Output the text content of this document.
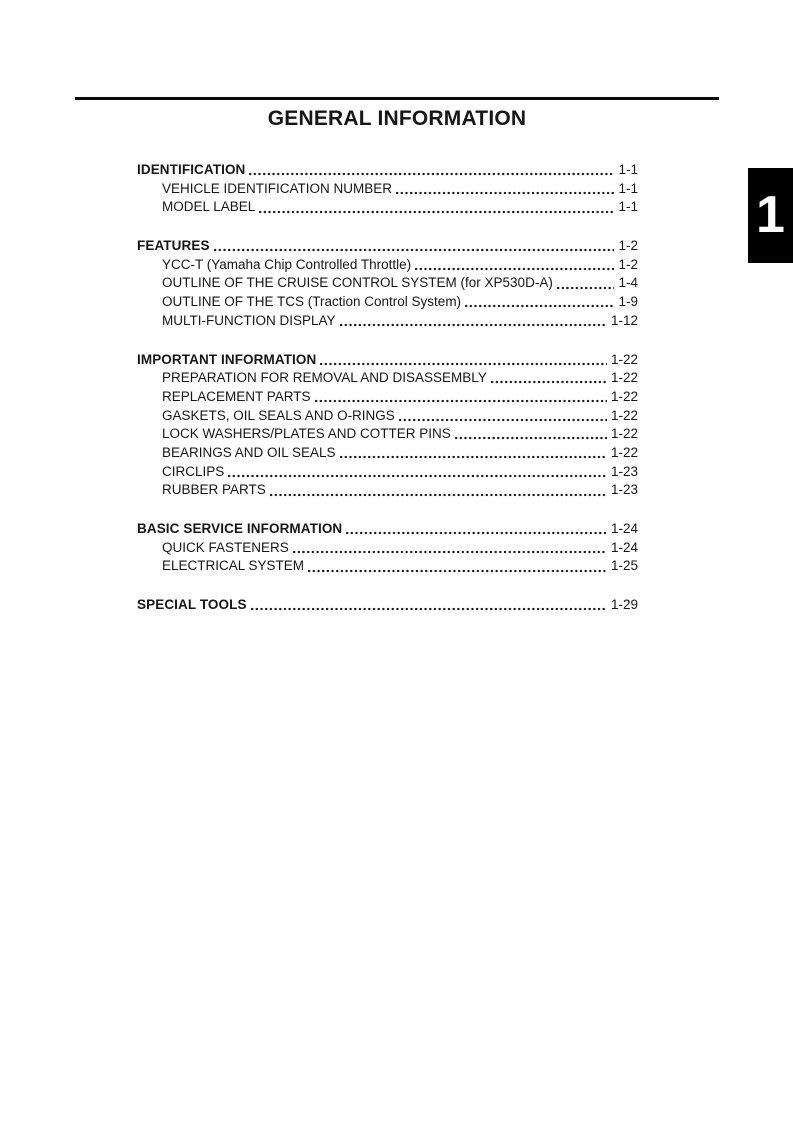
GENERAL INFORMATION
1
IDENTIFICATION	1-1
VEHICLE IDENTIFICATION NUMBER	1-1
MODEL LABEL	1-1
FEATURES	1-2
YCC-T (Yamaha Chip Controlled Throttle)	1-2
OUTLINE OF THE CRUISE CONTROL SYSTEM (for XP530D-A)	1-4
OUTLINE OF THE TCS (Traction Control System)	1-9
MULTI-FUNCTION DISPLAY	1-12
IMPORTANT INFORMATION	1-22
PREPARATION FOR REMOVAL AND DISASSEMBLY	1-22
REPLACEMENT PARTS	1-22
GASKETS, OIL SEALS AND O-RINGS	1-22
LOCK WASHERS/PLATES AND COTTER PINS	1-22
BEARINGS AND OIL SEALS	1-22
CIRCLIPS	1-23
RUBBER PARTS	1-23
BASIC SERVICE INFORMATION	1-24
QUICK FASTENERS	1-24
ELECTRICAL SYSTEM	1-25
SPECIAL TOOLS	1-29
